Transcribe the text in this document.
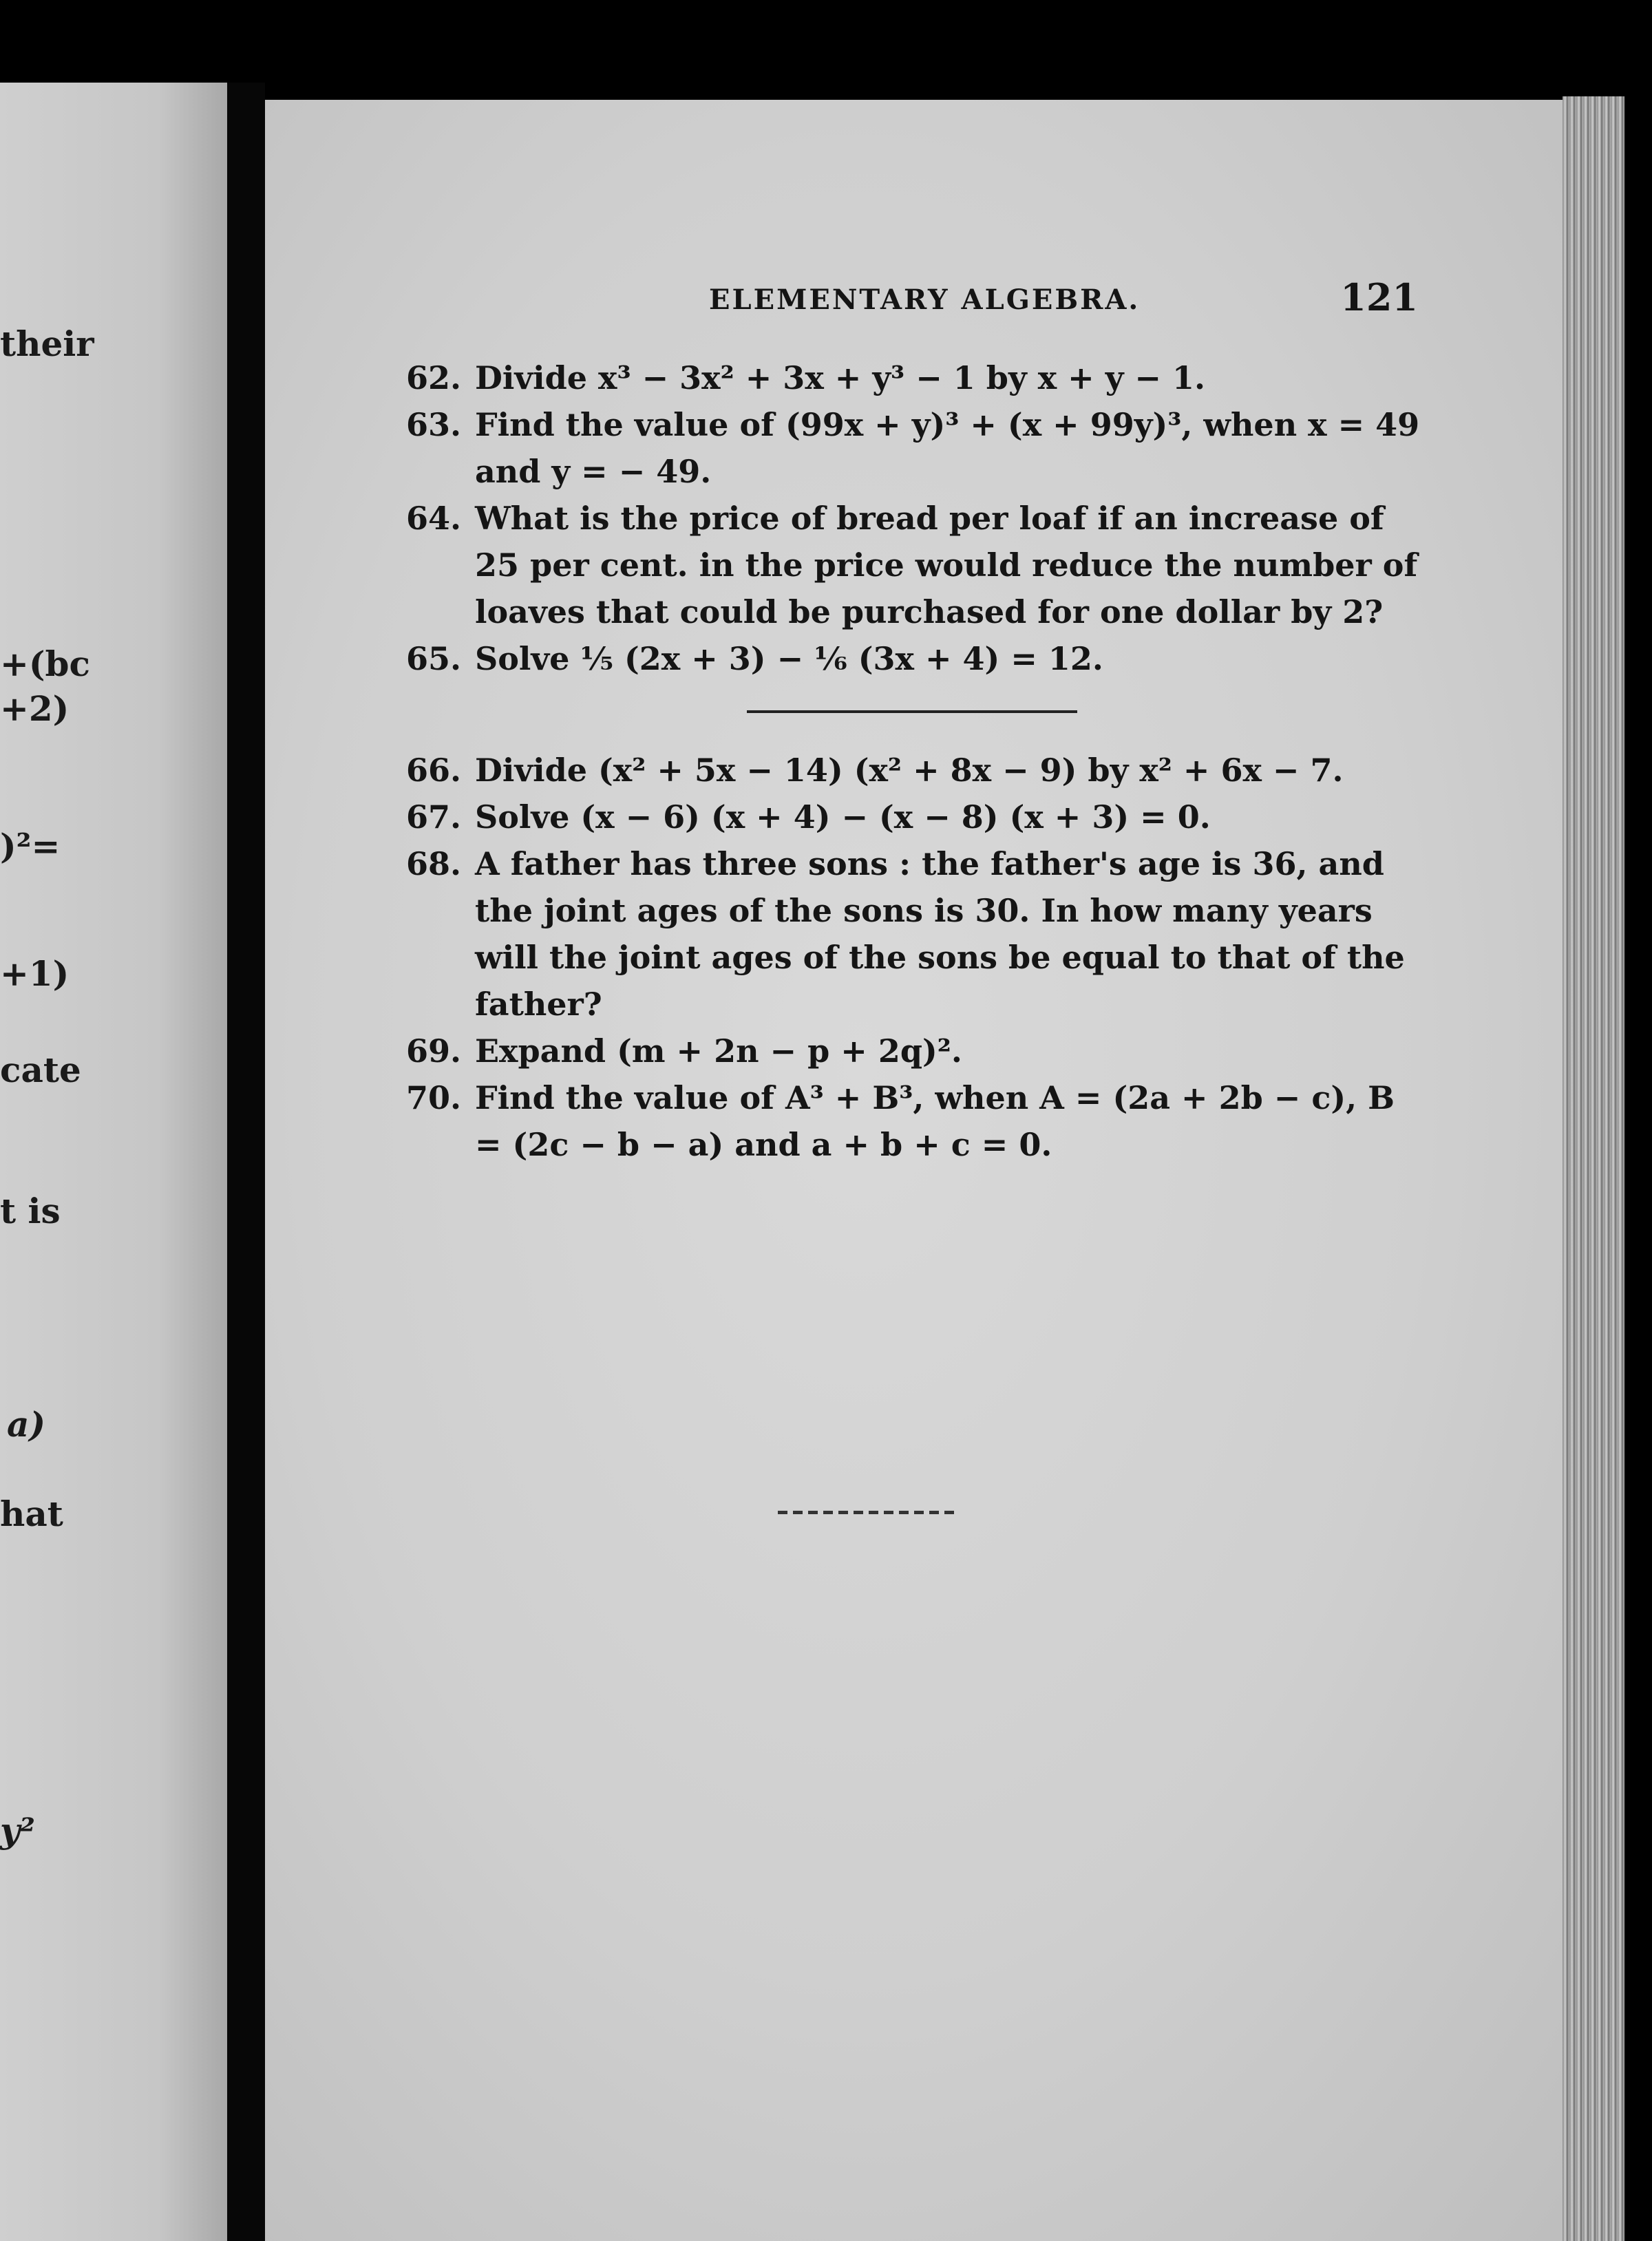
their
+(bc
+2)
)²=
+1)
cate
t is
a)
hat
y²
ELEMENTARY ALGEBRA.	121
62. Divide x³ − 3x² + 3x + y³ − 1 by x + y − 1.
63. Find the value of (99x + y)³ + (x + 99y)³, when x = 49 and y = − 49.
64. What is the price of bread per loaf if an increase of 25 per cent. in the price would reduce the number of loaves that could be purchased for one dollar by 2?
65. Solve ⅕ (2x + 3) − ⅙ (3x + 4) = 12.
66. Divide (x² + 5x − 14) (x² + 8x − 9) by x² + 6x − 7.
67. Solve (x − 6) (x + 4) − (x − 8) (x + 3) = 0.
68. A father has three sons : the father's age is 36, and the joint ages of the sons is 30. In how many years will the joint ages of the sons be equal to that of the father?
69. Expand (m + 2n − p + 2q)².
70. Find the value of A³ + B³, when A = (2a + 2b − c), B = (2c − b − a) and a + b + c = 0.
